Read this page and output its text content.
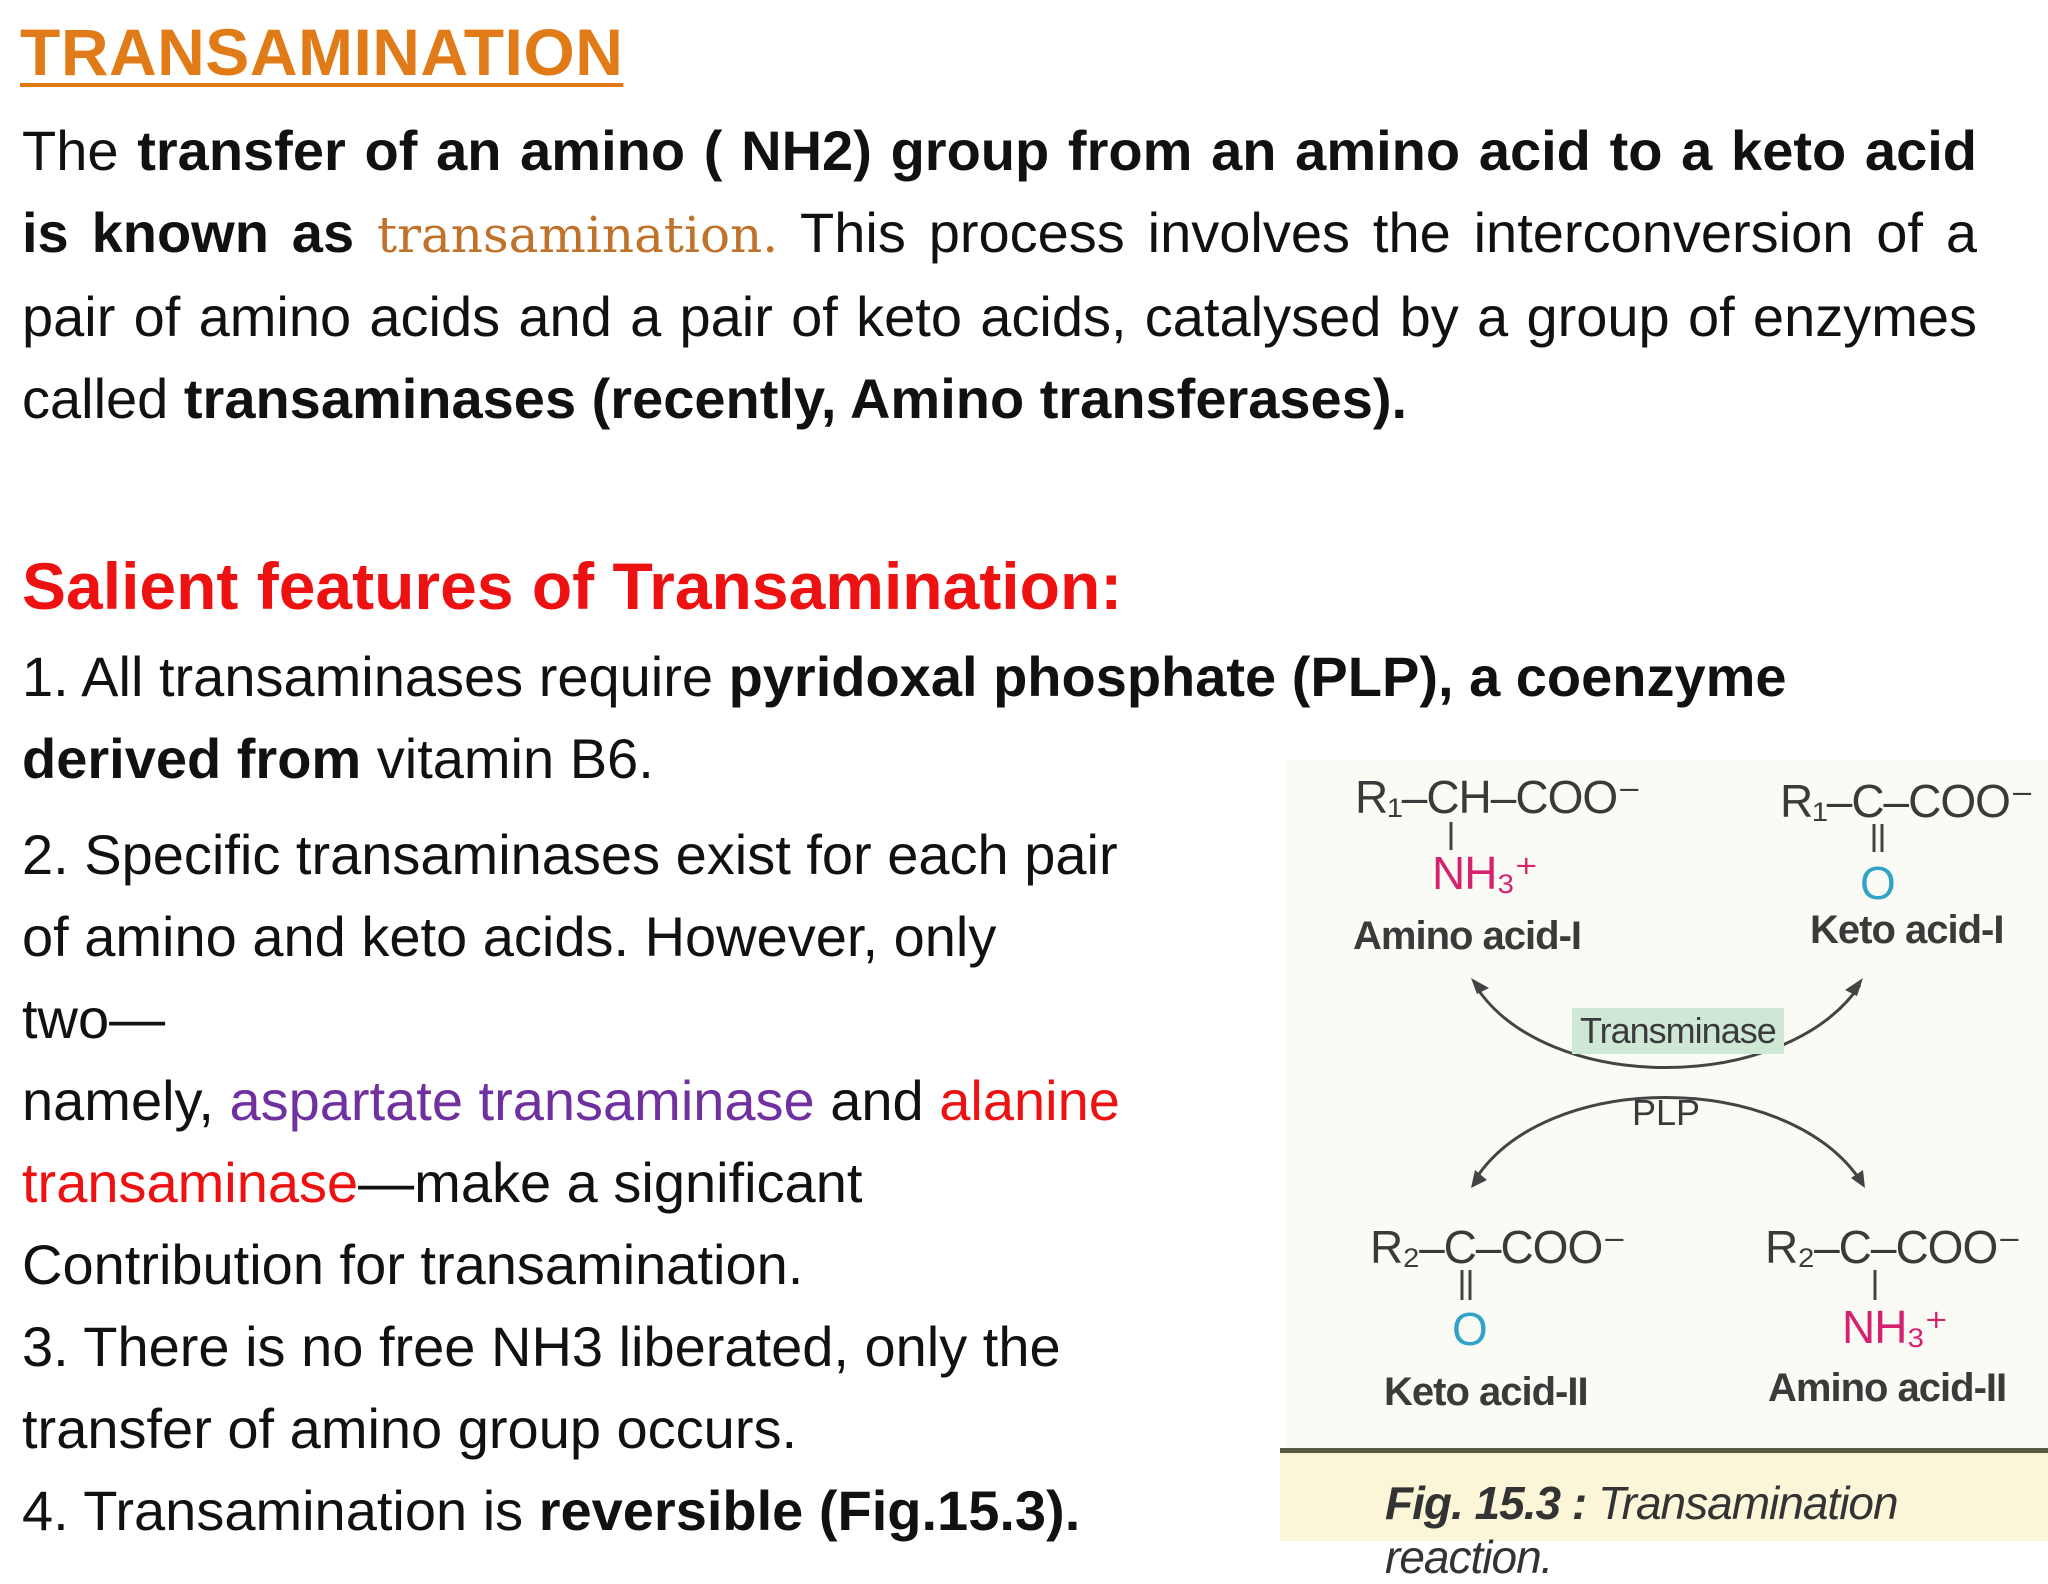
TRANSAMINATION

The transfer of an amino ( NH2) group from an amino acid to a keto acid is known as transamination. This process involves the interconversion of a pair of amino acids and a pair of keto acids, catalysed by a group of enzymes called transaminases (recently, Amino transferases).

Salient features of Transamination:

1. All transaminases require pyridoxal phosphate (PLP), a coenzyme
derived from vitamin B6.

2. Specific transaminases exist for each pair
of amino and keto acids. However, only
two—
namely, aspartate transaminase and alanine
transaminase—make a significant
Contribution for transamination.
3. There is no free NH3 liberated, only the
transfer of amino group occurs.
4. Transamination is reversible (Fig.15.3).
R₁–CH–COO⁻
NH₃⁺
Amino acid-I
R₁–C–COO⁻
O
Keto acid-I
Transminase
PLP
R₂–C–COO⁻
O
Keto acid-II
R₂–C–COO⁻
NH₃⁺
Amino acid-II
Fig. 15.3 : Transamination reaction.
